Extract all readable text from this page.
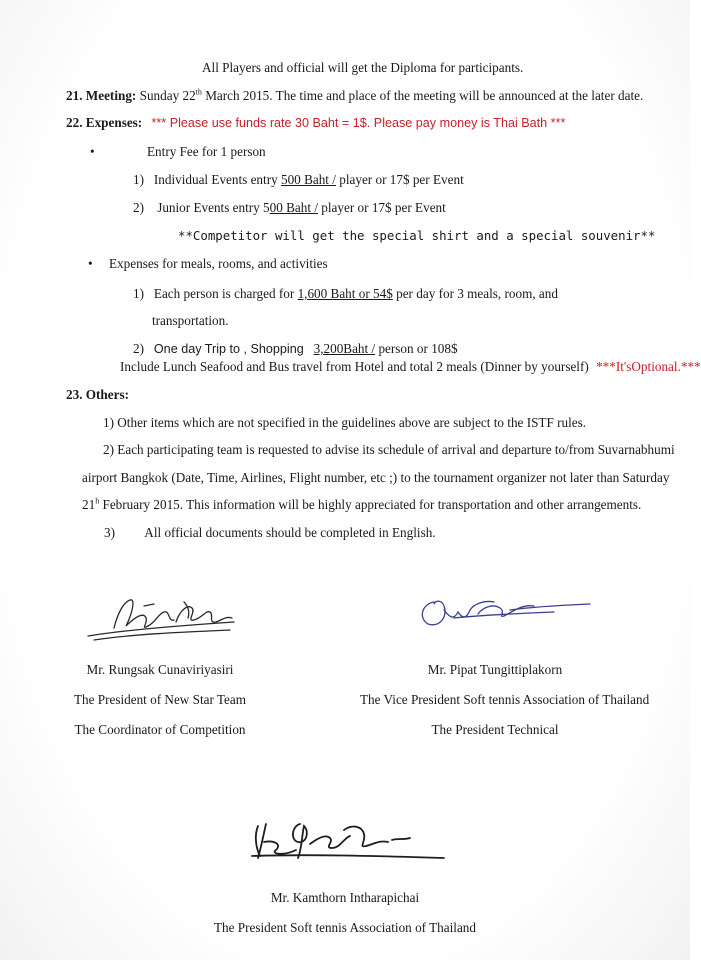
All Players and official will get the Diploma for participants.
21. Meeting: Sunday 22th March 2015. The time and place of the meeting will be announced at the later date.
22. Expenses: *** Please use funds rate 30 Baht = 1$. Please pay money is Thai Bath ***
•	Entry Fee for 1 person
1) Individual Events entry 500 Baht / player or 17$ per Event
2) Junior Events entry 500 Baht / player or 17$ per Event
**Competitor will get the special shirt and a special souvenir**
• Expenses for meals, rooms, and activities
1) Each person is charged for 1,600 Baht or 54$ per day for 3 meals, room, and
transportation.
2) One day Trip to , Shopping 3,200Baht / person or 108$
Include Lunch Seafood and Bus travel from Hotel and total 2 meals (Dinner by yourself) ***It'sOptional.***
23. Others:
1) Other items which are not specified in the guidelines above are subject to the ISTF rules.
2) Each participating team is requested to advise its schedule of arrival and departure to/from Suvarnabhumi
airport Bangkok (Date, Time, Airlines, Flight number, etc ;) to the tournament organizer not later than Saturday
21$^h$ February 2015. This information will be highly appreciated for transportation and other arrangements.
3) All official documents should be completed in English.
Mr. Rungsak Cunaviriyasiri
The President of New Star Team
The Coordinator of Competition
Mr. Pipat Tungittiplakorn
The Vice President Soft tennis Association of Thailand
The President Technical
Mr. Kamthorn Intharapichai
The President Soft tennis Association of Thailand
